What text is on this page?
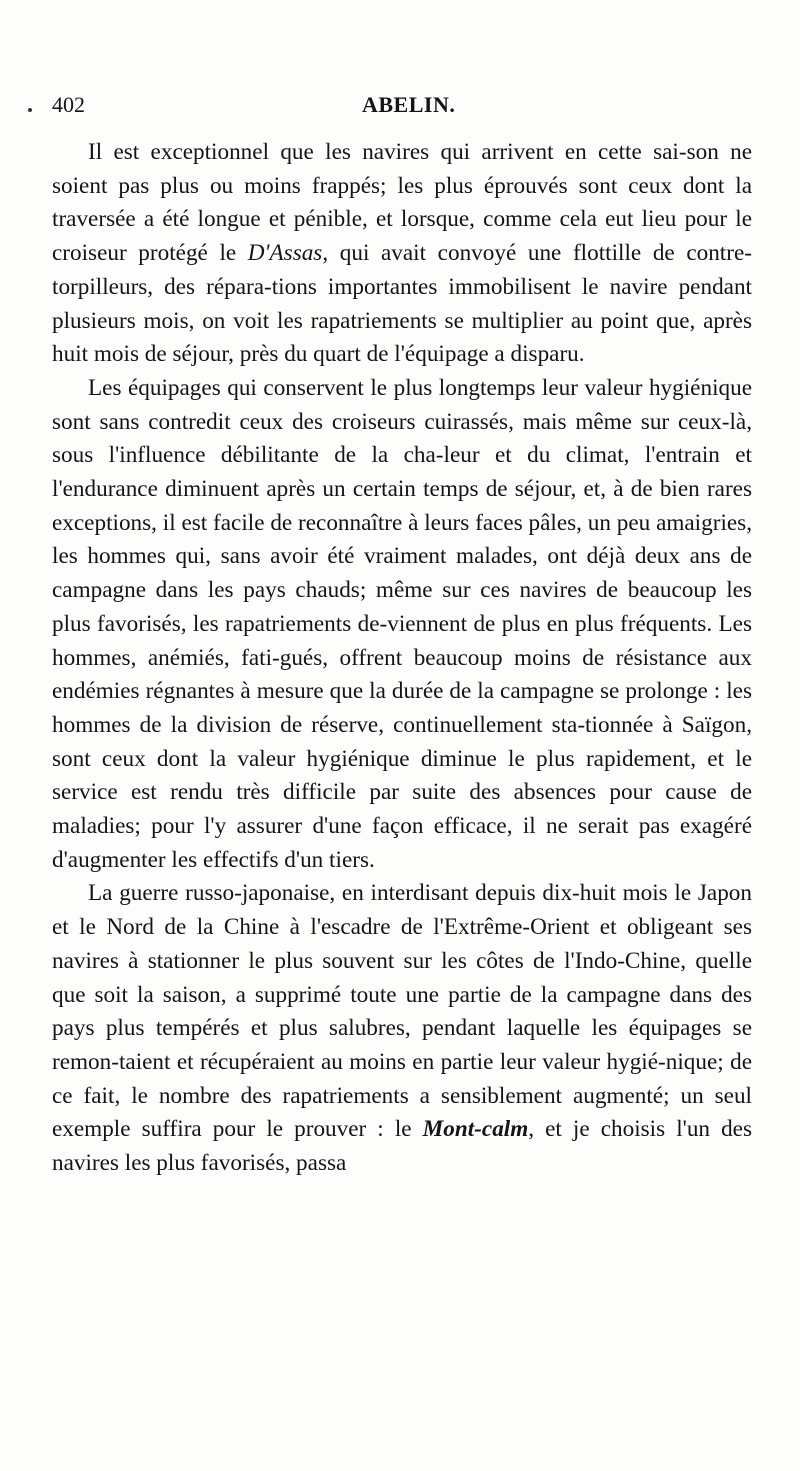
402	ABELIN.

Il est exceptionnel que les navires qui arrivent en cette sai-son ne soient pas plus ou moins frappés; les plus éprouvés sont ceux dont la traversée a été longue et pénible, et lorsque, comme cela eut lieu pour le croiseur protégé le D'Assas, qui avait convoyé une flottille de contre-torpilleurs, des répara-tions importantes immobilisent le navire pendant plusieurs mois, on voit les rapatriements se multiplier au point que, après huit mois de séjour, près du quart de l'équipage a disparu.

Les équipages qui conservent le plus longtemps leur valeur hygiénique sont sans contredit ceux des croiseurs cuirassés, mais même sur ceux-là, sous l'influence débilitante de la cha-leur et du climat, l'entrain et l'endurance diminuent après un certain temps de séjour, et, à de bien rares exceptions, il est facile de reconnaître à leurs faces pâles, un peu amaigries, les hommes qui, sans avoir été vraiment malades, ont déjà deux ans de campagne dans les pays chauds; même sur ces navires de beaucoup les plus favorisés, les rapatriements de-viennent de plus en plus fréquents. Les hommes, anémiés, fati-gués, offrent beaucoup moins de résistance aux endémies régnantes à mesure que la durée de la campagne se prolonge : les hommes de la division de réserve, continuellement sta-tionnée à Saïgon, sont ceux dont la valeur hygiénique diminue le plus rapidement, et le service est rendu très difficile par suite des absences pour cause de maladies; pour l'y assurer d'une façon efficace, il ne serait pas exagéré d'augmenter les effectifs d'un tiers.

La guerre russo-japonaise, en interdisant depuis dix-huit mois le Japon et le Nord de la Chine à l'escadre de l'Extrême-Orient et obligeant ses navires à stationner le plus souvent sur les côtes de l'Indo-Chine, quelle que soit la saison, a supprimé toute une partie de la campagne dans des pays plus tempérés et plus salubres, pendant laquelle les équipages se remon-taient et récupéraient au moins en partie leur valeur hygié-nique; de ce fait, le nombre des rapatriements a sensiblement augmenté; un seul exemple suffira pour le prouver : le Mont-calm, et je choisis l'un des navires les plus favorisés, passa
